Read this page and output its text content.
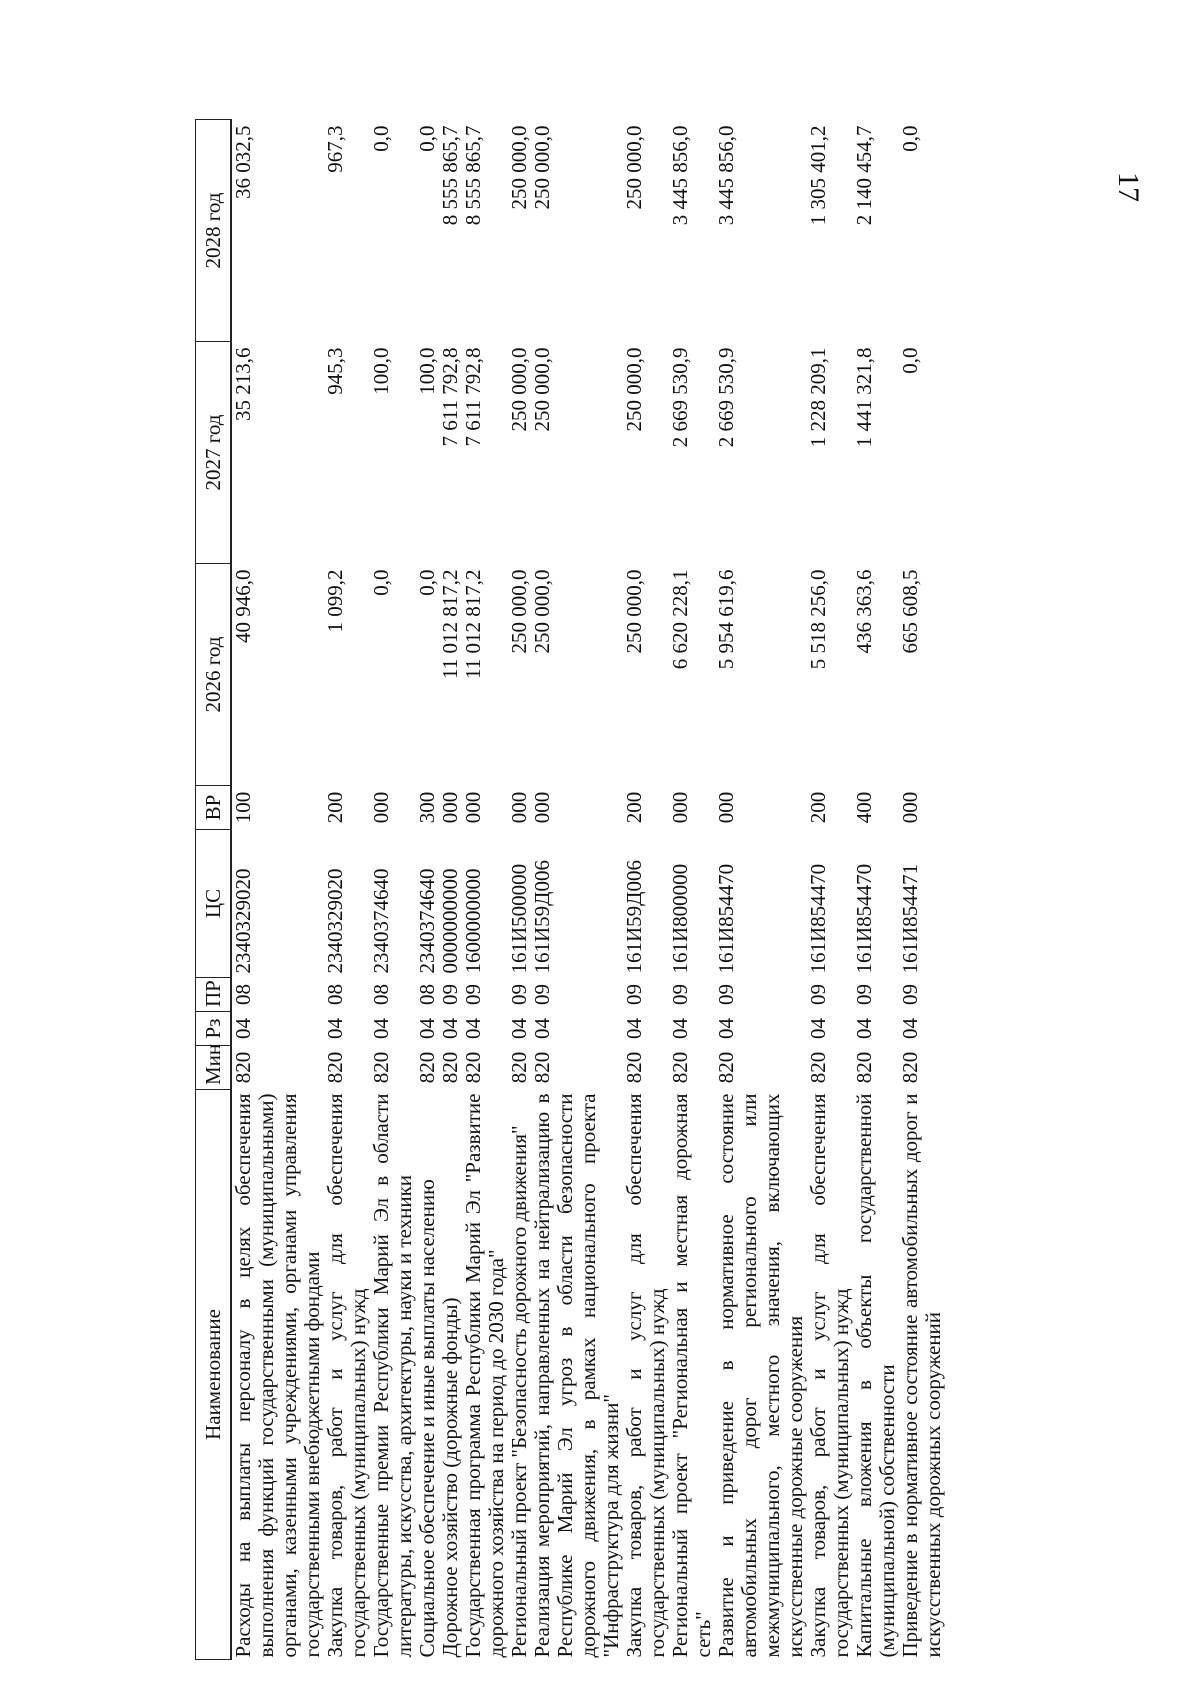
17
Наименование	Мин	Рз	ПР	ЦС	ВР	2026 год	2027 год	2028 год
Расходы на выплаты персоналу в целях обеспечения выполнения функций государственными (муниципальными) органами, казенными учреждениями, органами управления государственными внебюджетными фондами	820	04	08	2340329020	100	40 946,0	35 213,6	36 032,5
Закупка товаров, работ и услуг для обеспечения государственных (муниципальных) нужд	820	04	08	2340329020	200	1 099,2	945,3	967,3
Государственные премии Республики Марий Эл в области литературы, искусства, архитектуры, науки и техники	820	04	08	2340374640	000	0,0	100,0	0,0
Социальное обеспечение и иные выплаты населению	820	04	08	2340374640	300	0,0	100,0	0,0
Дорожное хозяйство (дорожные фонды)	820	04	09	0000000000	000	11 012 817,2	7 611 792,8	8 555 865,7
Государственная программа Республики Марий Эл "Развитие дорожного хозяйства на период до 2030 года"	820	04	09	1600000000	000	11 012 817,2	7 611 792,8	8 555 865,7
Региональный проект "Безопасность дорожного движения"	820	04	09	161И500000	000	250 000,0	250 000,0	250 000,0
Реализация мероприятий, направленных на нейтрализацию в Республике Марий Эл угроз в области безопасности дорожного движения, в рамках национального проекта "Инфраструктура для жизни"	820	04	09	161И59Д006	000	250 000,0	250 000,0	250 000,0
Закупка товаров, работ и услуг для обеспечения государственных (муниципальных) нужд	820	04	09	161И59Д006	200	250 000,0	250 000,0	250 000,0
Региональный проект "Региональная и местная дорожная сеть"	820	04	09	161И800000	000	6 620 228,1	2 669 530,9	3 445 856,0
Развитие и приведение в нормативное состояние автомобильных дорог регионального или межмуниципального, местного значения, включающих искусственные дорожные сооружения	820	04	09	161И854470	000	5 954 619,6	2 669 530,9	3 445 856,0
Закупка товаров, работ и услуг для обеспечения государственных (муниципальных) нужд	820	04	09	161И854470	200	5 518 256,0	1 228 209,1	1 305 401,2
Капитальные вложения в объекты государственной (муниципальной) собственности	820	04	09	161И854470	400	436 363,6	1 441 321,8	2 140 454,7
Приведение в нормативное состояние автомобильных дорог и искусственных дорожных сооружений	820	04	09	161И854471	000	665 608,5	0,0	0,0
